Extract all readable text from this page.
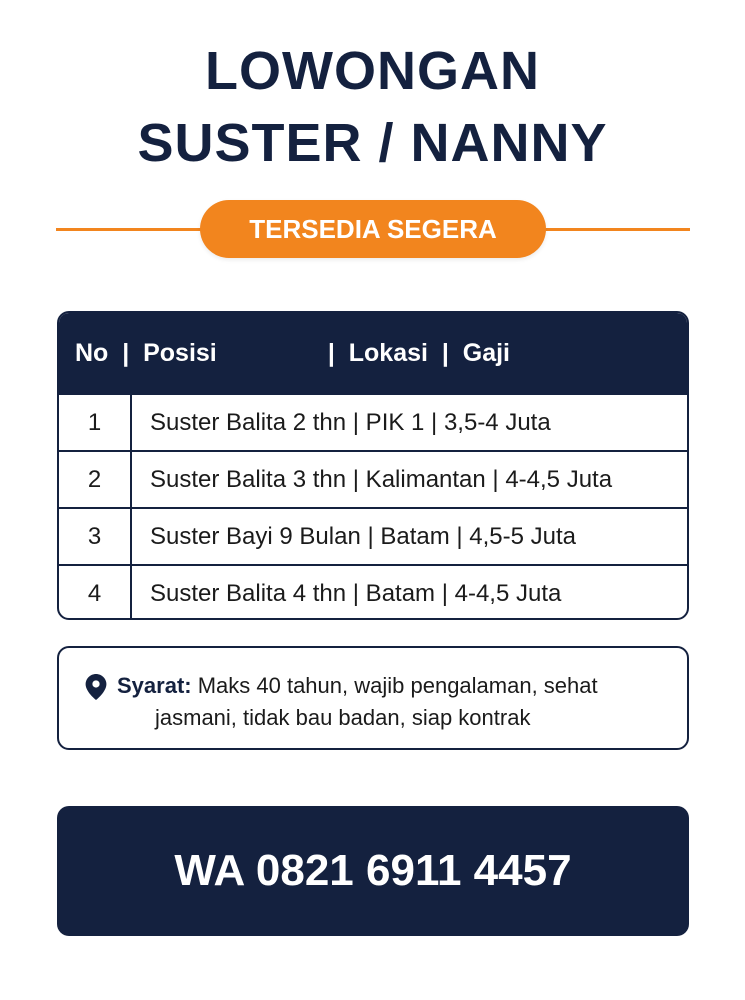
LOWONGAN
SUSTER / NANNY
TERSEDIA SEGERA
No  |  Posisi                |  Lokasi  |  Gaji
1	Suster Balita 2 thn | PIK 1 | 3,5-4 Juta
2	Suster Balita 3 thn | Kalimantan | 4-4,5 Juta
3	Suster Bayi 9 Bulan | Batam | 4,5-5 Juta
4	Suster Balita 4 thn | Batam | 4-4,5 Juta
Syarat: Maks 40 tahun, wajib pengalaman, sehat
jasmani, tidak bau badan, siap kontrak
WA 0821 6911 4457
